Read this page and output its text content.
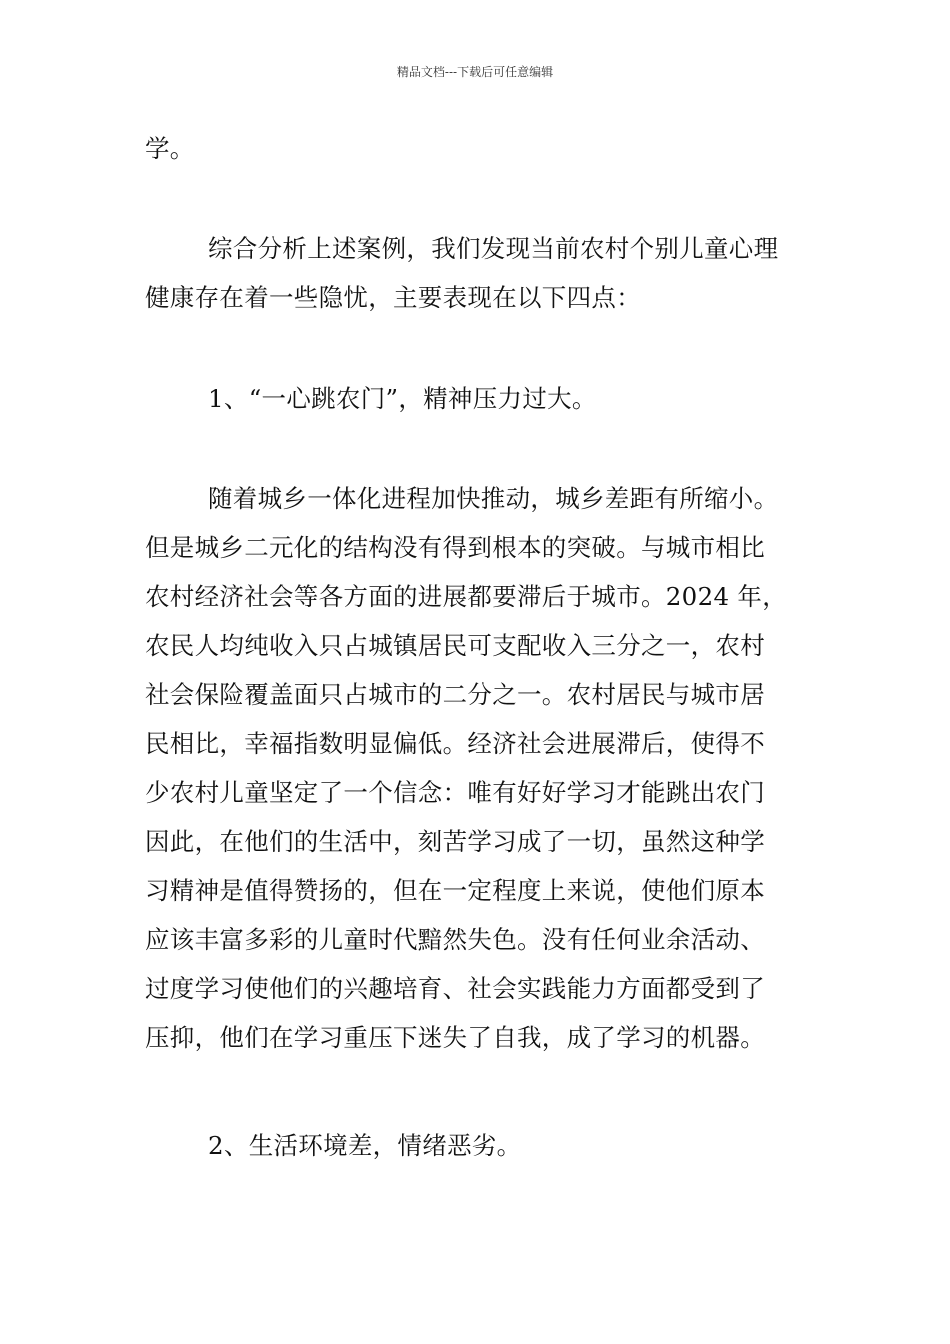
精品文档---下载后可任意编辑
学。
综合分析上述案例，我们发现当前农村个别儿童心理
健康存在着一些隐忧，主要表现在以下四点：
1、“一心跳农门”，精神压力过大。
随着城乡一体化进程加快推动，城乡差距有所缩小。
但是城乡二元化的结构没有得到根本的突破。与城市相比
农村经济社会等各方面的进展都要滞后于城市。2024 年，
农民人均纯收入只占城镇居民可支配收入三分之一，农村
社会保险覆盖面只占城市的二分之一。农村居民与城市居
民相比，幸福指数明显偏低。经济社会进展滞后，使得不
少农村儿童坚定了一个信念：唯有好好学习才能跳出农门
因此，在他们的生活中，刻苦学习成了一切，虽然这种学
习精神是值得赞扬的，但在一定程度上来说，使他们原本
应该丰富多彩的儿童时代黯然失色。没有任何业余活动、
过度学习使他们的兴趣培育、社会实践能力方面都受到了
压抑，他们在学习重压下迷失了自我，成了学习的机器。
2、生活环境差，情绪恶劣。
